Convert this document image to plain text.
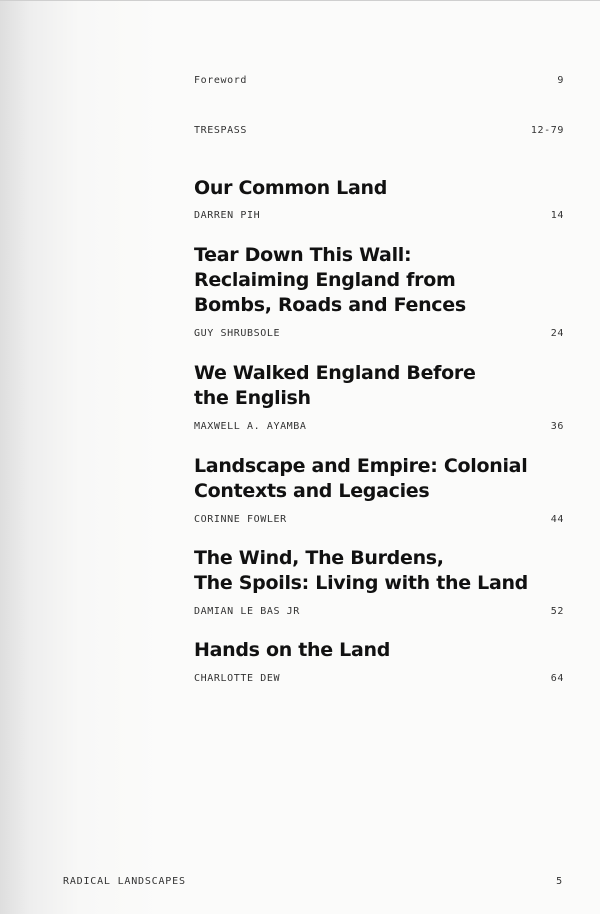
Foreword	9
TRESPASS	12-79
Our Common Land
DARREN PIH	14
Tear Down This Wall:
Reclaiming England from
Bombs, Roads and Fences
GUY SHRUBSOLE	24
We Walked England Before
the English
MAXWELL A. AYAMBA	36
Landscape and Empire: Colonial
Contexts and Legacies
CORINNE FOWLER	44
The Wind, The Burdens,
The Spoils: Living with the Land
DAMIAN LE BAS JR	52
Hands on the Land
CHARLOTTE DEW	64
RADICAL LANDSCAPES	5
